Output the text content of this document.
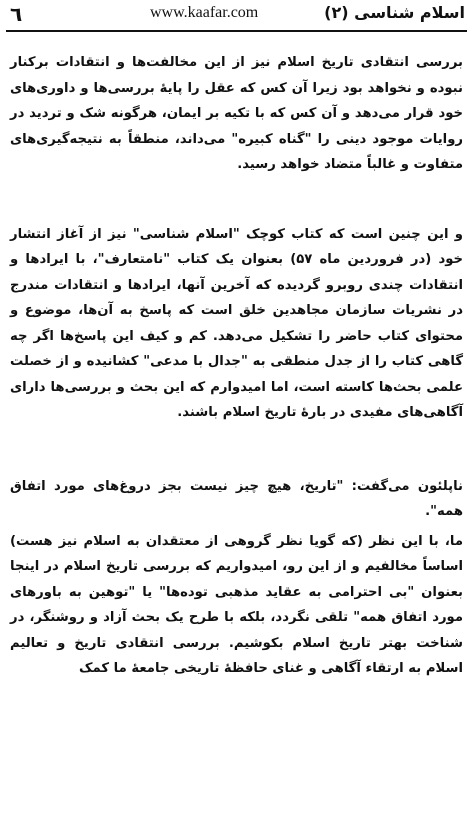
٦	www.kaafar.com	اسلام شناسی (٢)

بررسی انتقادی تاریخ اسلام نیز از این مخالفت‌ها و انتقادات برکنار نبوده و نخواهد بود زیرا آن کس که عقل را پایهٔ بررسی‌ها و داوری‌های خود قرار می‌دهد و آن کس که با تکیه بر ایمان، هرگونه شک و تردید در روایات موجود دینی را "گناه کبیره" می‌داند، منطقاً به نتیجه‌گیری‌های متفاوت و غالباً متضاد خواهد رسید.

و این چنین است که کتاب کوچک "اسلام شناسی" نیز از آغاز انتشار خود (در فروردین ماه ۵۷) بعنوان یک کتاب "نامتعارف"، با ایرادها و انتقادات چندی روبرو گردیده که آخرین آنها، ایرادها و انتقادات مندرج در نشریات سازمان مجاهدین خلق است که پاسخ به آن‌ها، موضوع و محتوای کتاب حاضر را تشکیل می‌دهد. کم و کیف این پاسخ‌ها اگر چه گاهی کتاب را از جدل منطقی به "جدال با مدعی" کشانیده و از خصلت علمی بحث‌ها کاسته است، اما امیدوارم که این بحث و بررسی‌ها دارای آگاهی‌های مفیدی در بارهٔ تاریخ اسلام باشند.

ناپلئون می‌گفت: "تاریخ، هیچ چیز نیست بجز دروغ‌های مورد اتفاق همه".

ما، با این نظر (که گویا نظر گروهی از معتقدان به اسلام نیز هست) اساساً مخالفیم و از این رو، امیدواریم که بررسی تاریخ اسلام در اینجا بعنوان "بی احترامی به عقاید مذهبی توده‌ها" یا "توهین به باورهای مورد اتفاق همه" تلقی نگردد، بلکه با طرح یک بحث آزاد و روشنگر، در شناخت بهتر تاریخ اسلام بکوشیم. بررسی انتقادی تاریخ و تعالیم اسلام به ارتقاء آگاهی و غنای حافظهٔ تاریخی جامعهٔ ما کمک
